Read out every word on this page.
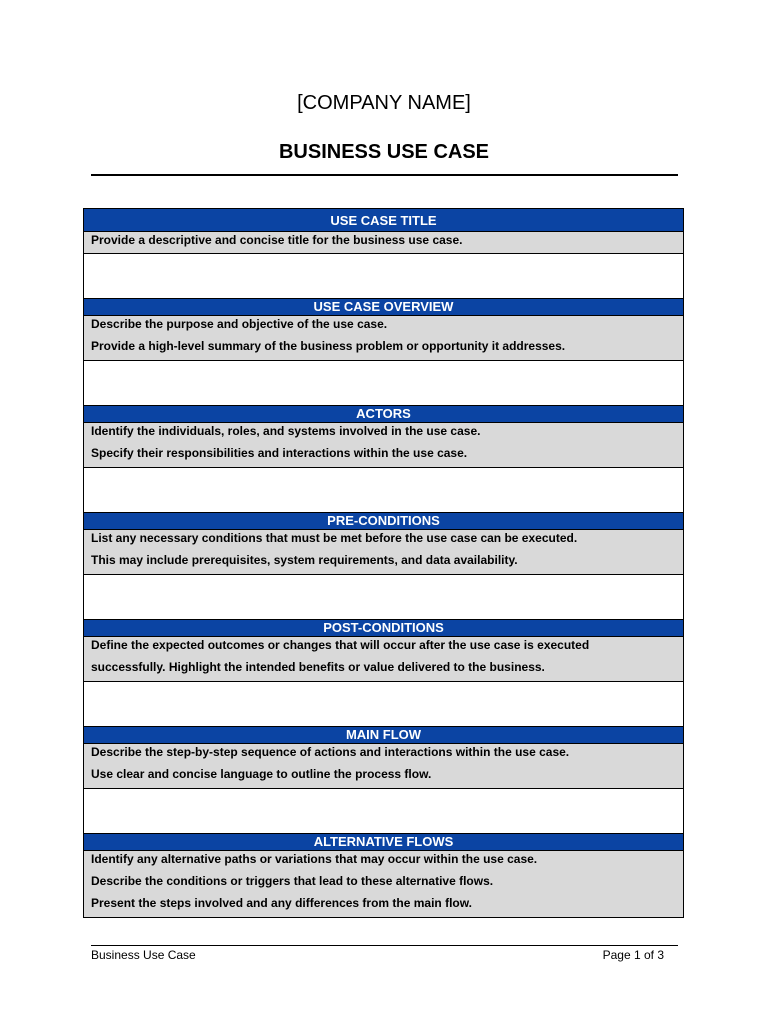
[COMPANY NAME]
BUSINESS USE CASE
USE CASE TITLE
Provide a descriptive and concise title for the business use case.
USE CASE OVERVIEW
Describe the purpose and objective of the use case.
Provide a high-level summary of the business problem or opportunity it addresses.
ACTORS
Identify the individuals, roles, and systems involved in the use case.
Specify their responsibilities and interactions within the use case.
PRE-CONDITIONS
List any necessary conditions that must be met before the use case can be executed.
This may include prerequisites, system requirements, and data availability.
POST-CONDITIONS
Define the expected outcomes or changes that will occur after the use case is executed
successfully. Highlight the intended benefits or value delivered to the business.
MAIN FLOW
Describe the step-by-step sequence of actions and interactions within the use case.
Use clear and concise language to outline the process flow.
ALTERNATIVE FLOWS
Identify any alternative paths or variations that may occur within the use case.
Describe the conditions or triggers that lead to these alternative flows.
Present the steps involved and any differences from the main flow.
Business Use Case	Page 1 of 3
